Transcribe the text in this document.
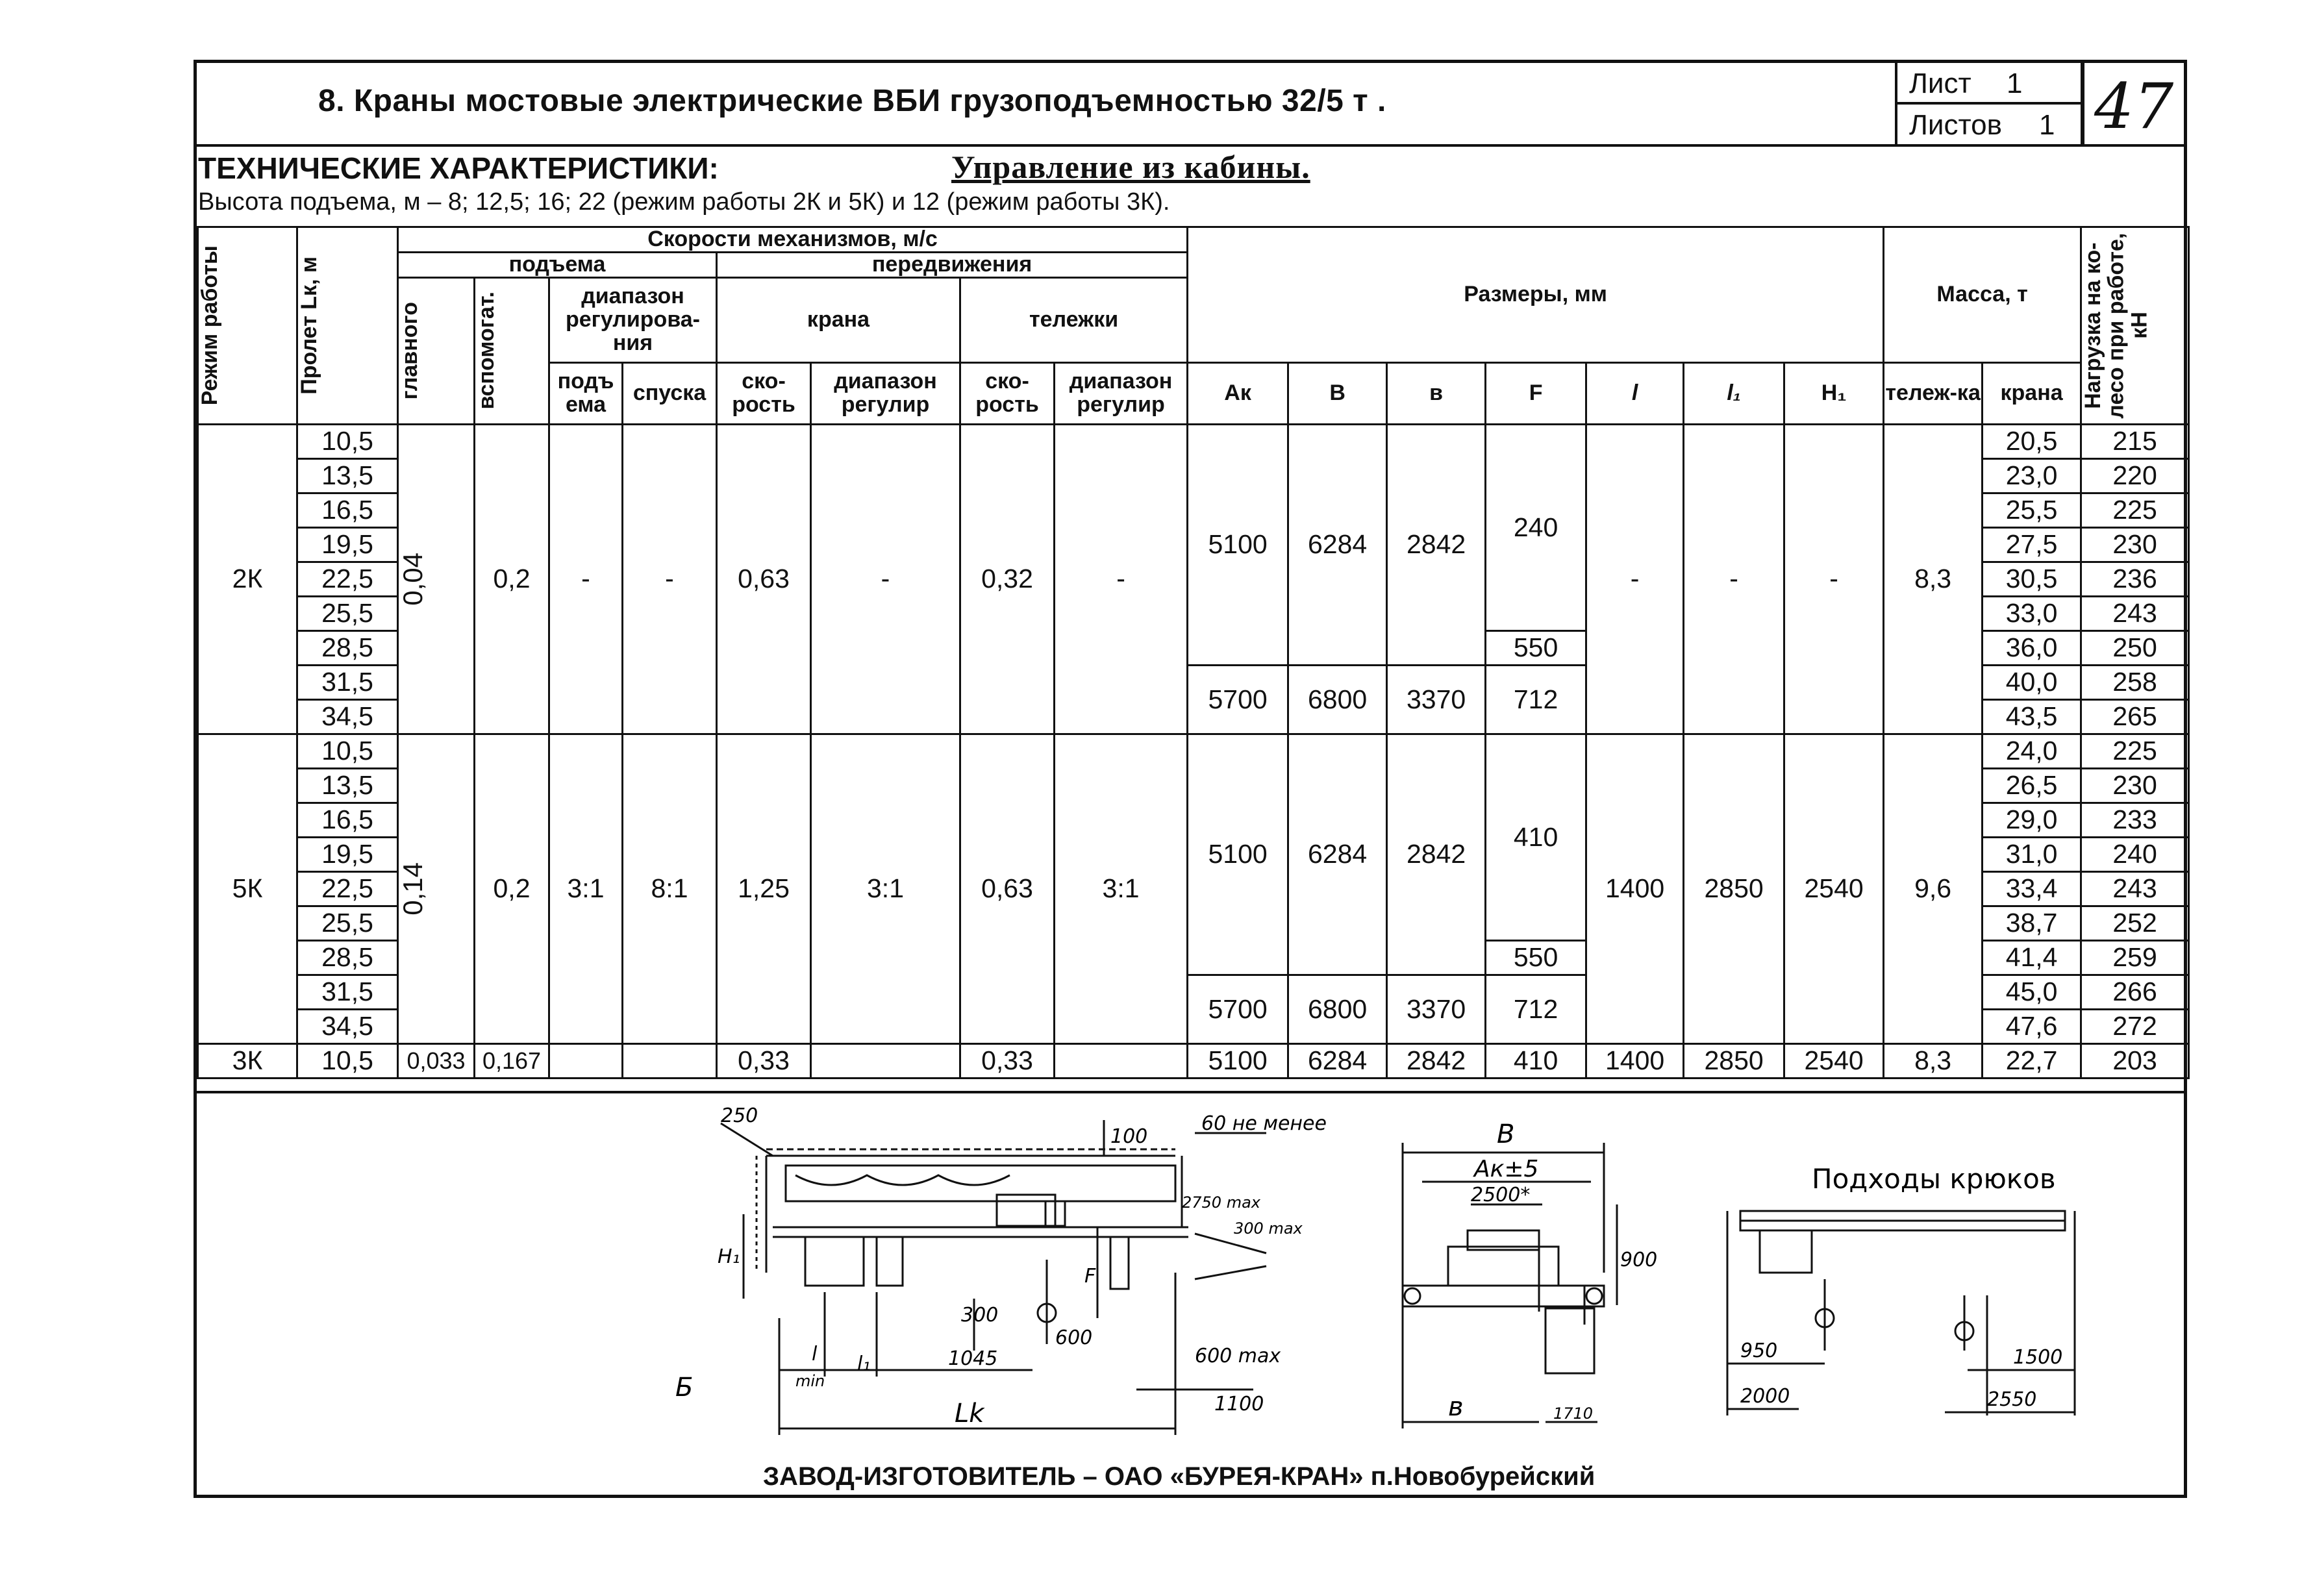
8. Краны мостовые электрические ВБИ грузоподъемностью 32/5 т .
Лист 1
Листов 1 47
ТЕХНИЧЕСКИЕ ХАРАКТЕРИСТИКИ:	Управление из кабины.
Высота подъема, м – 8; 12,5; 16; 22 (режим работы 2К и 5К) и 12 (режим работы 3К).
Режим работы	Пролет Lк, м	Скорости механизмов, м/с								Размеры, мм							Масса, т		Нагрузка на ко-лесо при работе, кН

		подъема				передвижения													

		главного	вспомогат.	диапазон регулирова-ния		крана		тележки											
				подъ ема	спуска	ско-рость	диапазон регулир	ско-рость	диапазон регулир	Ак	В	в	F	l	l₁	Н₁	тележ-ка	крана	
2К	10,5	0,04	0,2	-	-	0,63	-	0,32	-	5100	6284	2842	240	-	-	-	8,3	20,5	215
	13,5																	23,0	220
	16,5																	25,5	225
	19,5																	27,5	230
	22,5																	30,5	236
	25,5																	33,0	243
	28,5												550					36,0	250
	31,5									5700	6800	3370	712					40,0	258
	34,5																	43,5	265
5К	10,5	0,14	0,2	3:1	8:1	1,25	3:1	0,63	3:1	5100	6284	2842	410	1400	2850	2540	9,6	24,0	225
	13,5																	26,5	230
	16,5																	29,0	233
	19,5																	31,0	240
	22,5																	33,4	243
	25,5																	38,7	252
	28,5												550					41,4	259
	31,5									5700	6800	3370	712					45,0	266
	34,5																	47,6	272
3К	10,5	0,033	0,167			0,33		0,33		5100	6284	2842	410	1400	2850	2540	8,3	22,7	203
250
100
60 не менее
2750 max
300 max
H₁
300
F
600
600 max
l l₁
min
1045
1100
Lk
Б
B
Ак±5
2500*
900
в	1710
Подходы крюков
950
2000
1500
2550
ЗАВОД-ИЗГОТОВИТЕЛЬ – ОАО «БУРЕЯ-КРАН» п.Новобурейский
